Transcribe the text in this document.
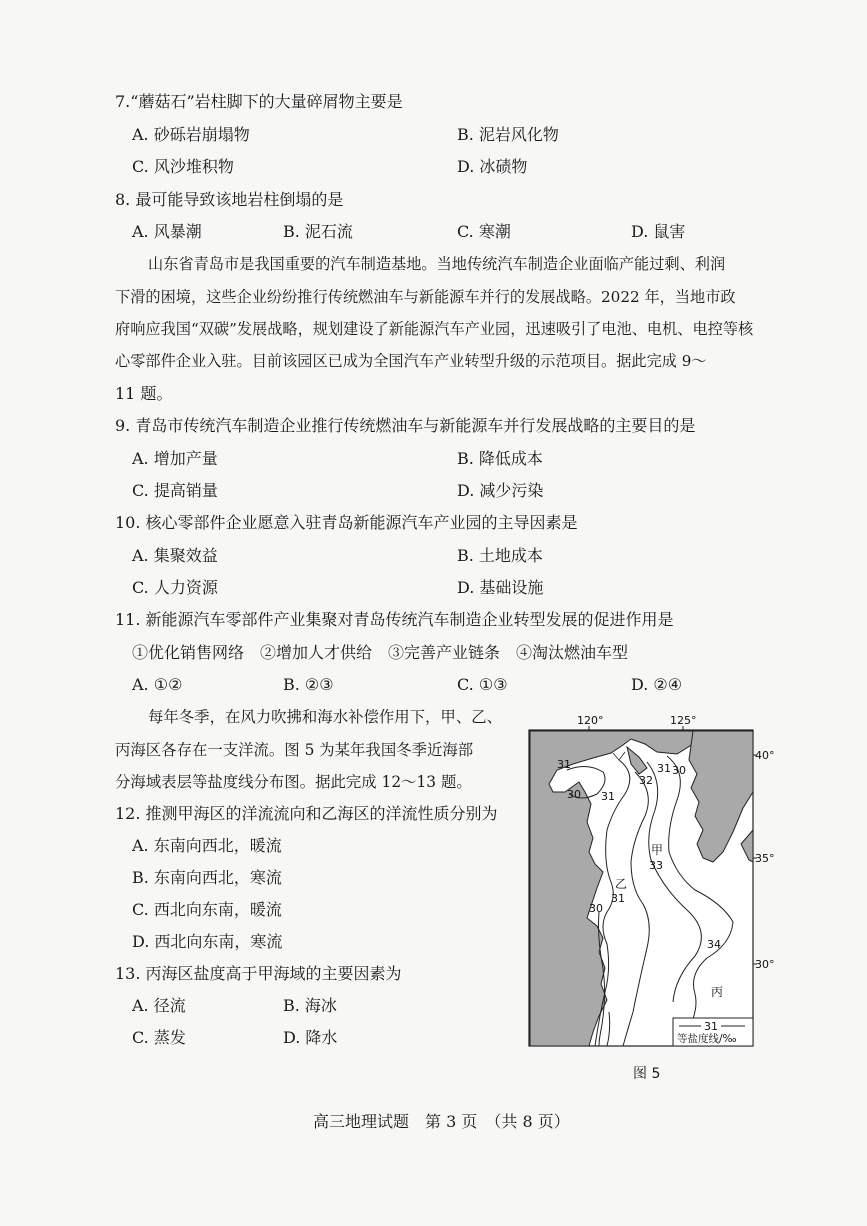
7.“蘑菇石”岩柱脚下的大量碎屑物主要是
A. 砂砾岩崩塌物	B. 泥岩风化物
C. 风沙堆积物	D. 冰碛物
8. 最可能导致该地岩柱倒塌的是
A. 风暴潮	B. 泥石流	C. 寒潮	D. 鼠害
山东省青岛市是我国重要的汽车制造基地。当地传统汽车制造企业面临产能过剩、利润
下滑的困境，这些企业纷纷推行传统燃油车与新能源车并行的发展战略。2022 年，当地市政
府响应我国“双碳”发展战略，规划建设了新能源汽车产业园，迅速吸引了电池、电机、电控等核
心零部件企业入驻。目前该园区已成为全国汽车产业转型升级的示范项目。据此完成 9～
11 题。
9. 青岛市传统汽车制造企业推行传统燃油车与新能源车并行发展战略的主要目的是
A. 增加产量	B. 降低成本
C. 提高销量	D. 减少污染
10. 核心零部件企业愿意入驻青岛新能源汽车产业园的主导因素是
A. 集聚效益	B. 土地成本
C. 人力资源	D. 基础设施
11. 新能源汽车零部件产业集聚对青岛传统汽车制造企业转型发展的促进作用是
①优化销售网络　②增加人才供给　③完善产业链条　④淘汰燃油车型
A. ①②	B. ②③	C. ①③	D. ②④
每年冬季，在风力吹拂和海水补偿作用下，甲、乙、
丙海区各存在一支洋流。图 5 为某年我国冬季近海部
分海域表层等盐度线分布图。据此完成 12～13 题。
12. 推测甲海区的洋流流向和乙海区的洋流性质分别为
A. 东南向西北，暖流
B. 东南向西北，寒流
C. 西北向东南，暖流
D. 西北向东南，寒流
13. 丙海区盐度高于甲海域的主要因素为
A. 径流	B. 海冰
C. 蒸发	D. 降水
120°	125°
40°
35°
30°
31
30 31
32
31 30
33
31
30
34
甲
乙
丙
31
等盐度线/‰
图 5
高三地理试题　第 3 页　（共 8 页）
